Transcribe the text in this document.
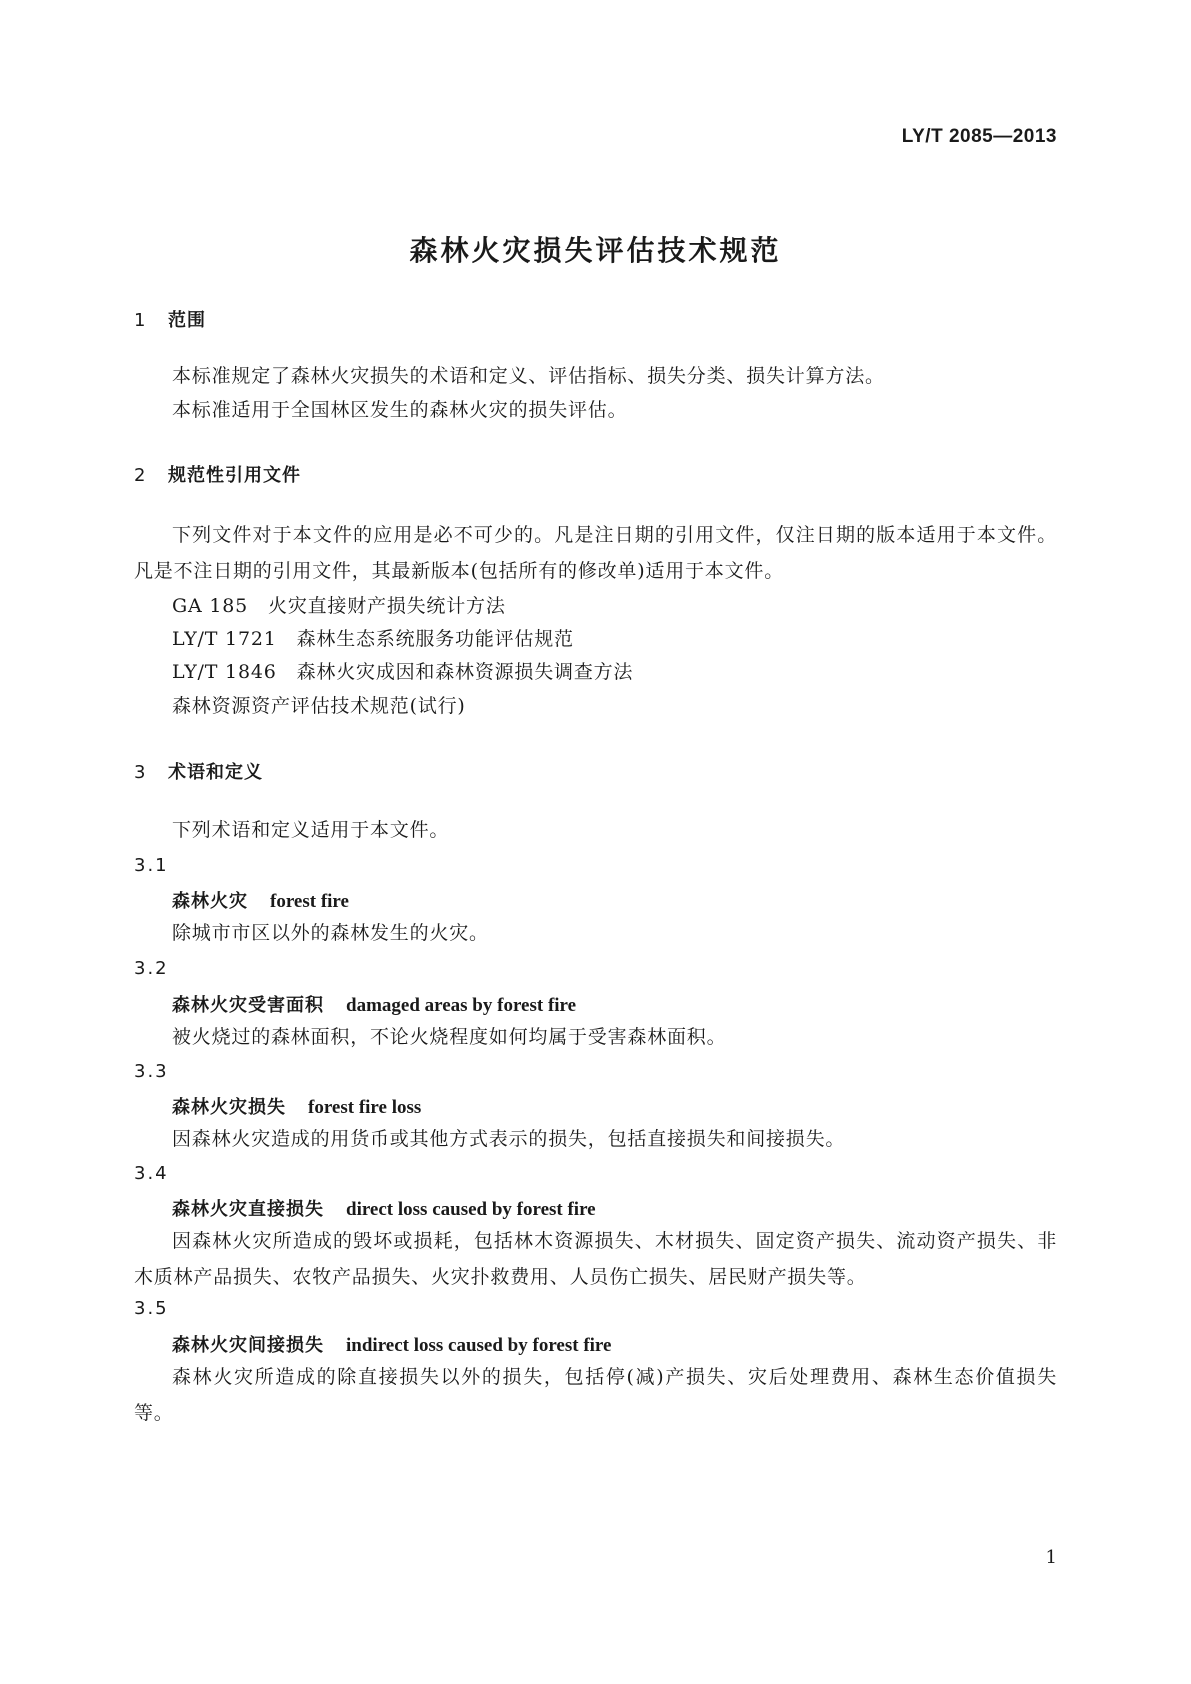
LY/T 2085—2013
森林火灾损失评估技术规范
1 范围
本标准规定了森林火灾损失的术语和定义、评估指标、损失分类、损失计算方法。
本标准适用于全国林区发生的森林火灾的损失评估。
2 规范性引用文件
下列文件对于本文件的应用是必不可少的。凡是注日期的引用文件，仅注日期的版本适用于本文件。凡是不注日期的引用文件，其最新版本(包括所有的修改单)适用于本文件。
GA 185 火灾直接财产损失统计方法
LY/T 1721 森林生态系统服务功能评估规范
LY/T 1846 森林火灾成因和森林资源损失调查方法
森林资源资产评估技术规范(试行)
3 术语和定义
下列术语和定义适用于本文件。
3.1
森林火灾 forest fire
除城市市区以外的森林发生的火灾。
3.2
森林火灾受害面积 damaged areas by forest fire
被火烧过的森林面积，不论火烧程度如何均属于受害森林面积。
3.3
森林火灾损失 forest fire loss
因森林火灾造成的用货币或其他方式表示的损失，包括直接损失和间接损失。
3.4
森林火灾直接损失 direct loss caused by forest fire
因森林火灾所造成的毁坏或损耗，包括林木资源损失、木材损失、固定资产损失、流动资产损失、非木质林产品损失、农牧产品损失、火灾扑救费用、人员伤亡损失、居民财产损失等。
3.5
森林火灾间接损失 indirect loss caused by forest fire
森林火灾所造成的除直接损失以外的损失，包括停(减)产损失、灾后处理费用、森林生态价值损失等。
1
